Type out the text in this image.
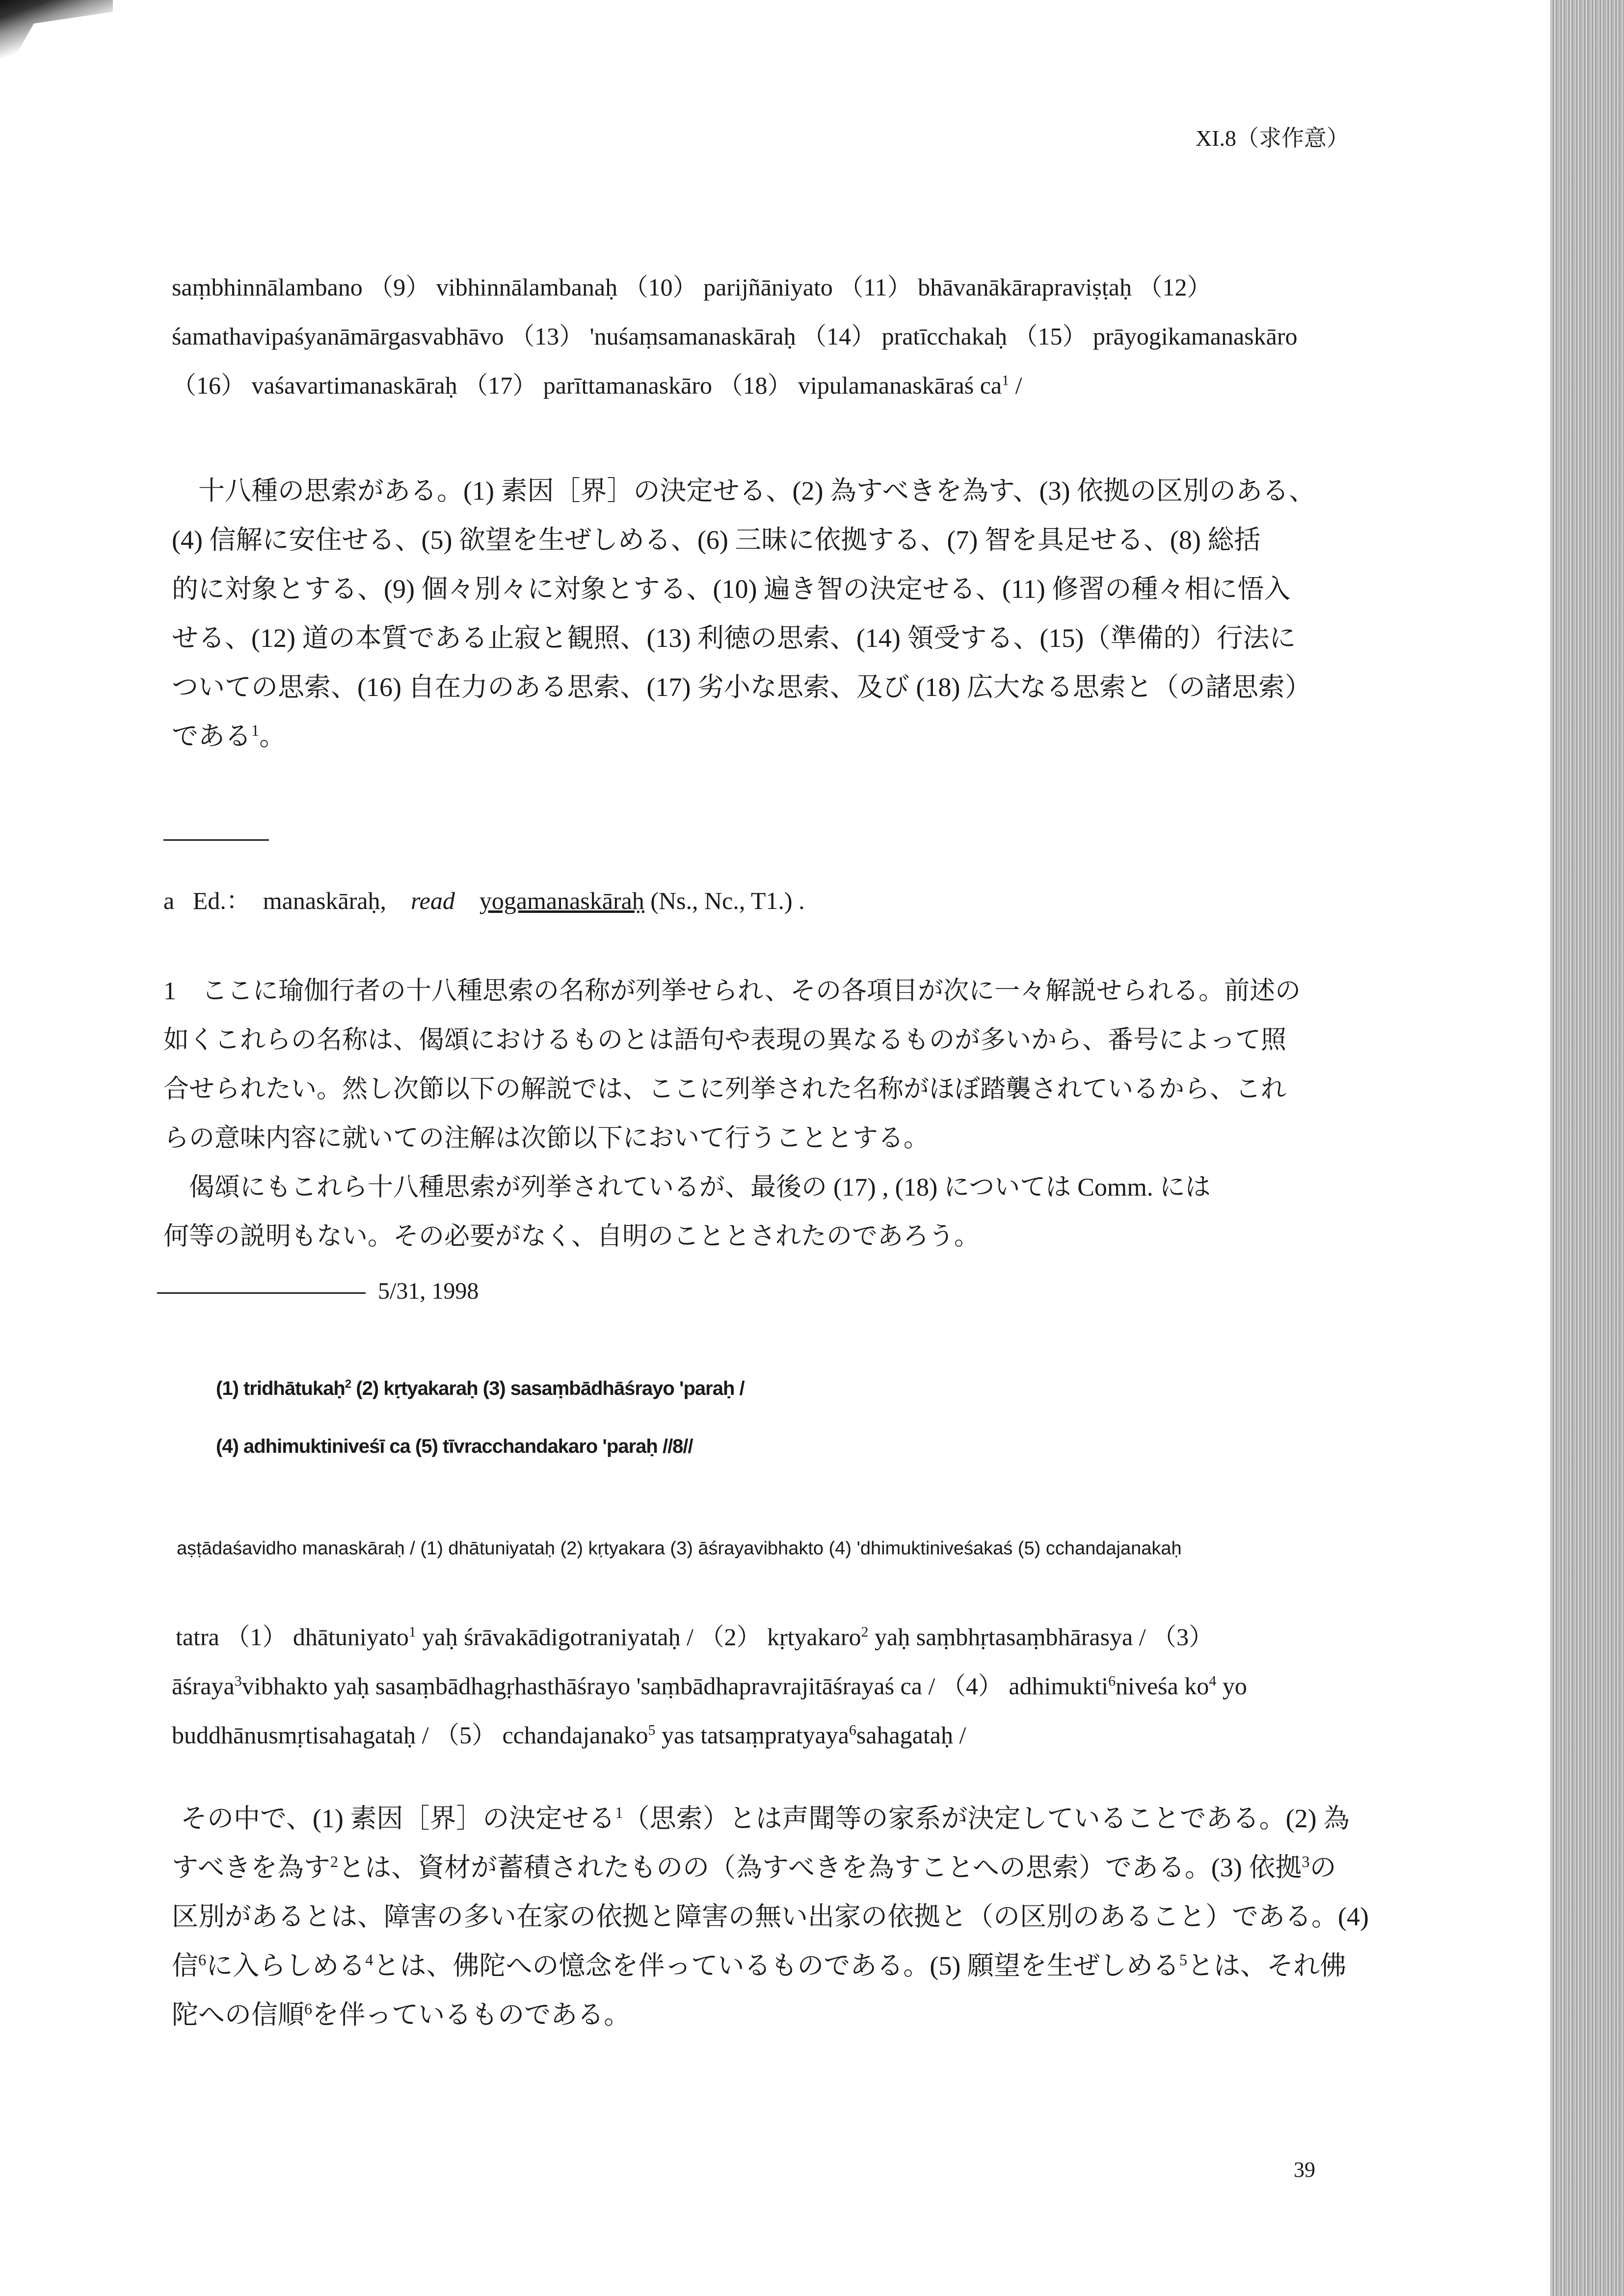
XI.8（求作意）
saṃbhinnālambano （9） vibhinnālambanaḥ （10） parijñāniyato （11） bhāvanākārapraviṣṭaḥ （12）
śamathavipaśyanāmārgasvabhāvo （13） 'nuśaṃsamanaskāraḥ （14） pratīcchakaḥ （15） prāyogikamanaskāro
（16） vaśavartimanaskāraḥ （17） parīttamanaskāro （18） vipulamanaskāraś $ca^1$ /
十八種の思索がある。(1) 素因［界］の決定せる、(2) 為すべきを為す、(3) 依拠の区別のある、
(4) 信解に安住せる、(5) 欲望を生ぜしめる、(6) 三昧に依拠する、(7) 智を具足せる、(8) 総括
的に対象とする、(9) 個々別々に対象とする、(10) 遍き智の決定せる、(11) 修習の種々相に悟入
せる、(12) 道の本質である止寂と観照、(13) 利徳の思索、(14) 領受する、(15)（準備的）行法に
ついての思索、(16) 自在力のある思索、(17) 劣小な思索、及び (18) 広大なる思索と（の諸思索）
である$^1$。
a Ed.： manaskāraḥ, read yogamanaskāraḥ (Ns., Nc., T1.) .
1　ここに瑜伽行者の十八種思索の名称が列挙せられ、その各項目が次に一々解説せられる。前述の
如くこれらの名称は、偈頌におけるものとは語句や表現の異なるものが多いから、番号によって照
合せられたい。然し次節以下の解説では、ここに列挙された名称がほぼ踏襲されているから、これ
らの意味内容に就いての注解は次節以下において行うこととする。
　偈頌にもこれら十八種思索が列挙されているが、最後の (17) , (18) については Comm. には
何等の説明もない。その必要がなく、自明のこととされたのであろう。
5/31, 1998
(1) tridhātukaḥ$^2$ (2) kṛtyakaraḥ (3) sasaṃbādhāśrayo 'paraḥ /
(4) adhimuktiniveśī ca (5) tīvracchandakaro 'paraḥ //8//
aṣṭādaśavidho manaskāraḥ / (1) dhātuniyataḥ (2) kṛtyakara (3) āśrayavibhakto (4) 'dhimuktiniveśakaś (5) cchandajanakaḥ
tatra （1） dhātuniyato$^1$ yaḥ śrāvakādigotraniyataḥ / （2） kṛtyakaro$^2$ yaḥ saṃbhṛtasaṃbhārasya / （3）
āśraya$^3$vibhakto yaḥ sasaṃbādhagṛhasthāśrayo 'saṃbādhapravrajitāśrayaś ca / （4） adhimukti$^6$niveśa $ko^4$ yo
buddhānusmṛtisahagataḥ / （5） cchandajanako$^5$ yas tatsaṃpratyaya$^6$sahagataḥ /
その中で、(1) 素因［界］の決定せる$^1$（思索）とは声聞等の家系が決定していることである。(2) 為
すべきを為す$^2$とは、資材が蓄積されたものの（為すべきを為すことへの思索）である。(3) 依拠$^3$の
区別があるとは、障害の多い在家の依拠と障害の無い出家の依拠と（の区別のあること）である。(4)
信$^6$に入らしめる$^4$とは、佛陀への憶念を伴っているものである。(5) 願望を生ぜしめる$^5$とは、それ佛
陀への信順$^6$を伴っているものである。
39
